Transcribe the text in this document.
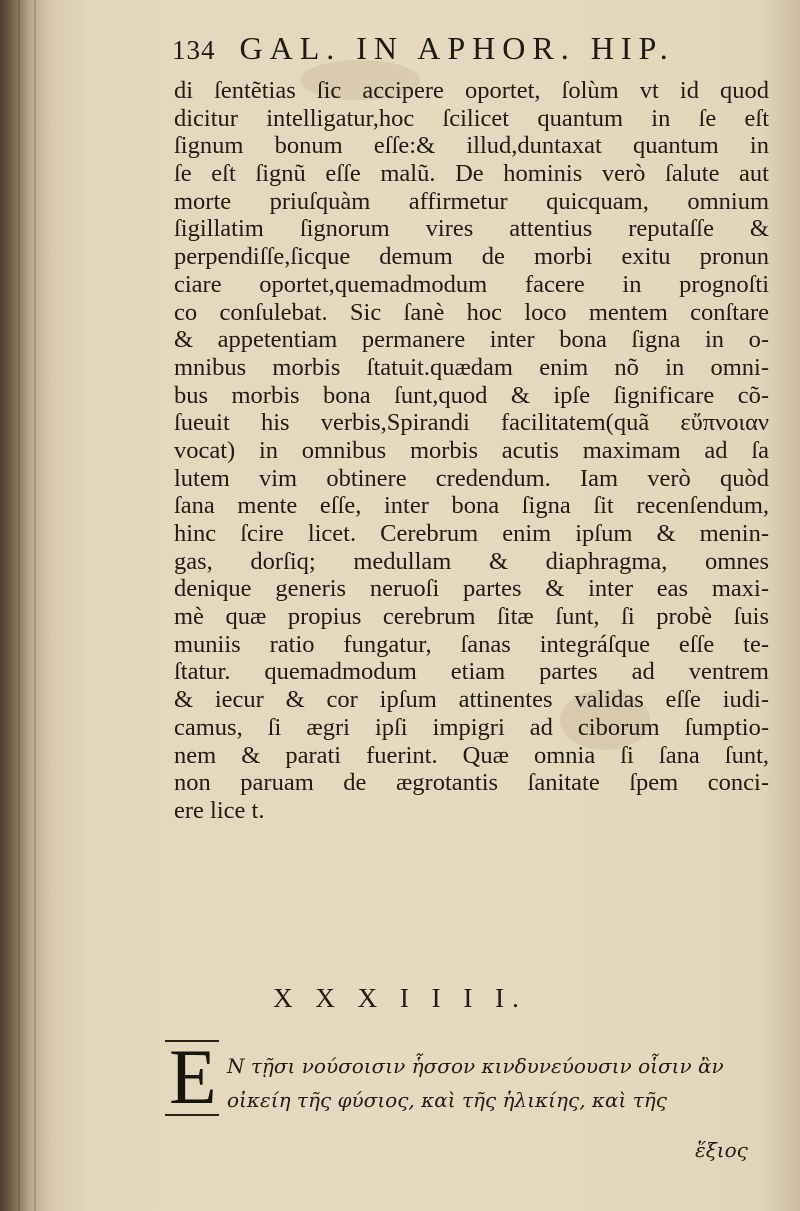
134 GAL. IN APHOR. HIP.
di ſentẽtias ſic accipere oportet, ſolùm vt id quod
dicitur intelligatur,hoc ſcilicet quantum in ſe eſt
ſignum bonum eſſe:& illud,duntaxat quantum in
ſe eſt ſignũ eſſe malũ. De hominis verò ſalute aut
morte priuſquàm affirmetur quicquam, omnium
ſigillatim ſignorum vires attentius reputaſſe &
perpendiſſe,ſicque demum de morbi exitu pronun
ciare oportet,quemadmodum facere in prognoſti
co conſulebat. Sic ſanè hoc loco mentem conſtare
& appetentiam permanere inter bona ſigna in o-
mnibus morbis ſtatuit.quædam enim nõ in omni-
bus morbis bona ſunt,quod & ipſe ſignificare cõ-
ſueuit his verbis,Spirandi facilitatem(quã εὔπνοιαν
vocat) in omnibus morbis acutis maximam ad ſa
lutem vim obtinere credendum. Iam verò quòd
ſana mente eſſe, inter bona ſigna ſit recenſendum,
hinc ſcire licet. Cerebrum enim ipſum & menin-
gas, dorſiq; medullam & diaphragma, omnes
denique generis neruoſi partes & inter eas maxi-
mè quæ propius cerebrum ſitæ ſunt, ſi probè ſuis
muniis ratio fungatur, ſanas integráſque eſſe te-
ſtatur. quemadmodum etiam partes ad ventrem
& iecur & cor ipſum attinentes validas eſſe iudi-
camus, ſi ægri ipſi impigri ad ciborum ſumptio-
nem & parati fuerint. Quæ omnia ſi ſana ſunt,
non paruam de ægrotantis ſanitate ſpem conci-
ere lice t.
X X X I I I I.
E Ν τῇσι νούσοισιν ἧσσον κινδυνεύουσιν οἷσιν ἂν
οἰκείη τῆς φύσιος, καὶ τῆς ἡλικίης, καὶ τῆς
ἕξιος
